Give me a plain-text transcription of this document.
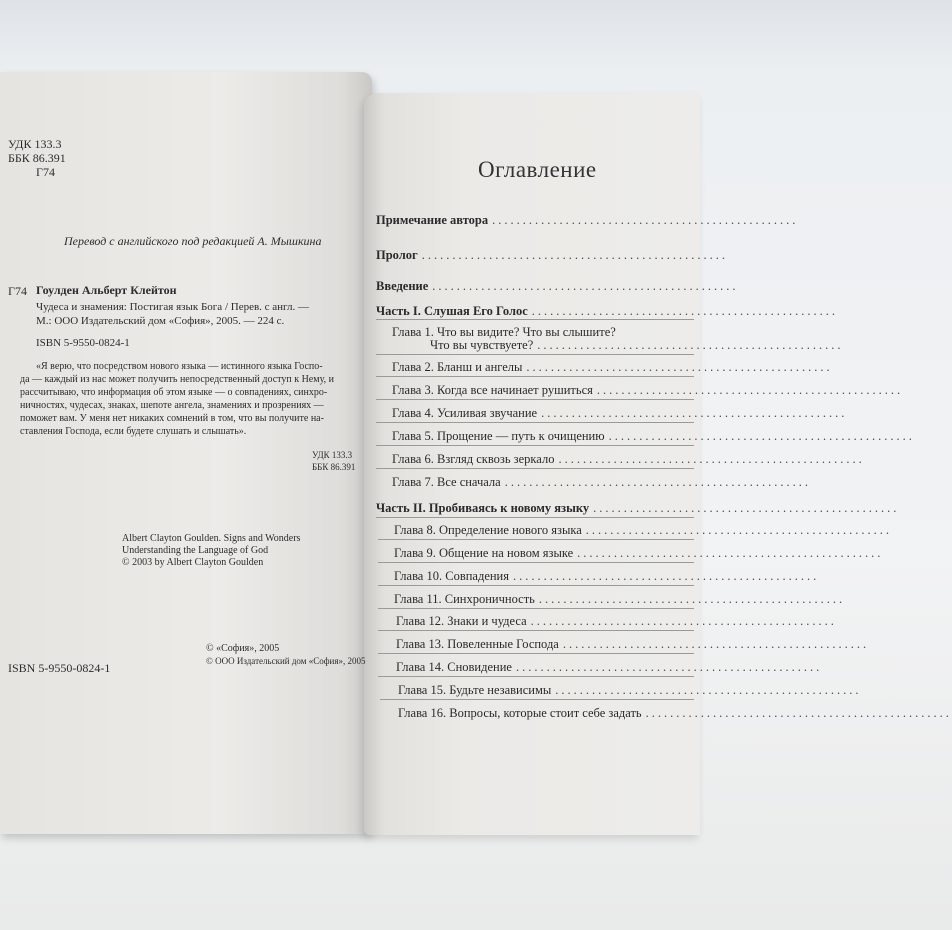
УДК 133.3
ББК 86.391
Г74
Перевод с английского под редакцией А. Мышкина
Г74 Гоулден Альберт Клейтон
Чудеса и знамения: Постигая язык Бога / Перев. с англ. —
М.: ООО Издательский дом «София», 2005. — 224 с.
ISBN 5-9550-0824-1
«Я верю, что посредством нового языка — истинного языка Госпо-
да — каждый из нас может получить непосредственный доступ к Нему, и
рассчитываю, что информация об этом языке — о совпадениях, синхро-
ничностях, чудесах, знаках, шепоте ангела, знамениях и прозрениях —
поможет вам. У меня нет никаких сомнений в том, что вы получите на-
ставления Господа, если будете слушать и слышать».
УДК 133.3
ББК 86.391
Albert Clayton Goulden. Signs and Wonders
Understanding the Language of God
© 2003 by Albert Clayton Goulden
© «София», 2005
© ООО Издательский дом «София», 2005
ISBN 5-9550-0824-1
Оглавление
Примечание автора ..................................................
Пролог ..................................................
Введение ..................................................
Часть I. Слушая Его Голос ..................................................
Глава 1. Что вы видите? Что вы слышите?
Что вы чувствуете? ..................................................
Глава 2. Бланш и ангелы ..................................................
Глава 3. Когда все начинает рушиться ..................................................
Глава 4. Усиливая звучание ..................................................
Глава 5. Прощение — путь к очищению ..................................................
Глава 6. Взгляд сквозь зеркало ..................................................
Глава 7. Все сначала ..................................................
Часть II. Пробиваясь к новому языку ..................................................
Глава 8. Определение нового языка ..................................................
Глава 9. Общение на новом языке ..................................................
Глава 10. Совпадения ..................................................
Глава 11. Синхроничность ..................................................
Глава 12. Знаки и чудеса ..................................................
Глава 13. Повеленные Господа ..................................................
Глава 14. Сновидение ..................................................
Глава 15. Будьте независимы ..................................................
Глава 16. Вопросы, которые стоит себе задать ..................................................
